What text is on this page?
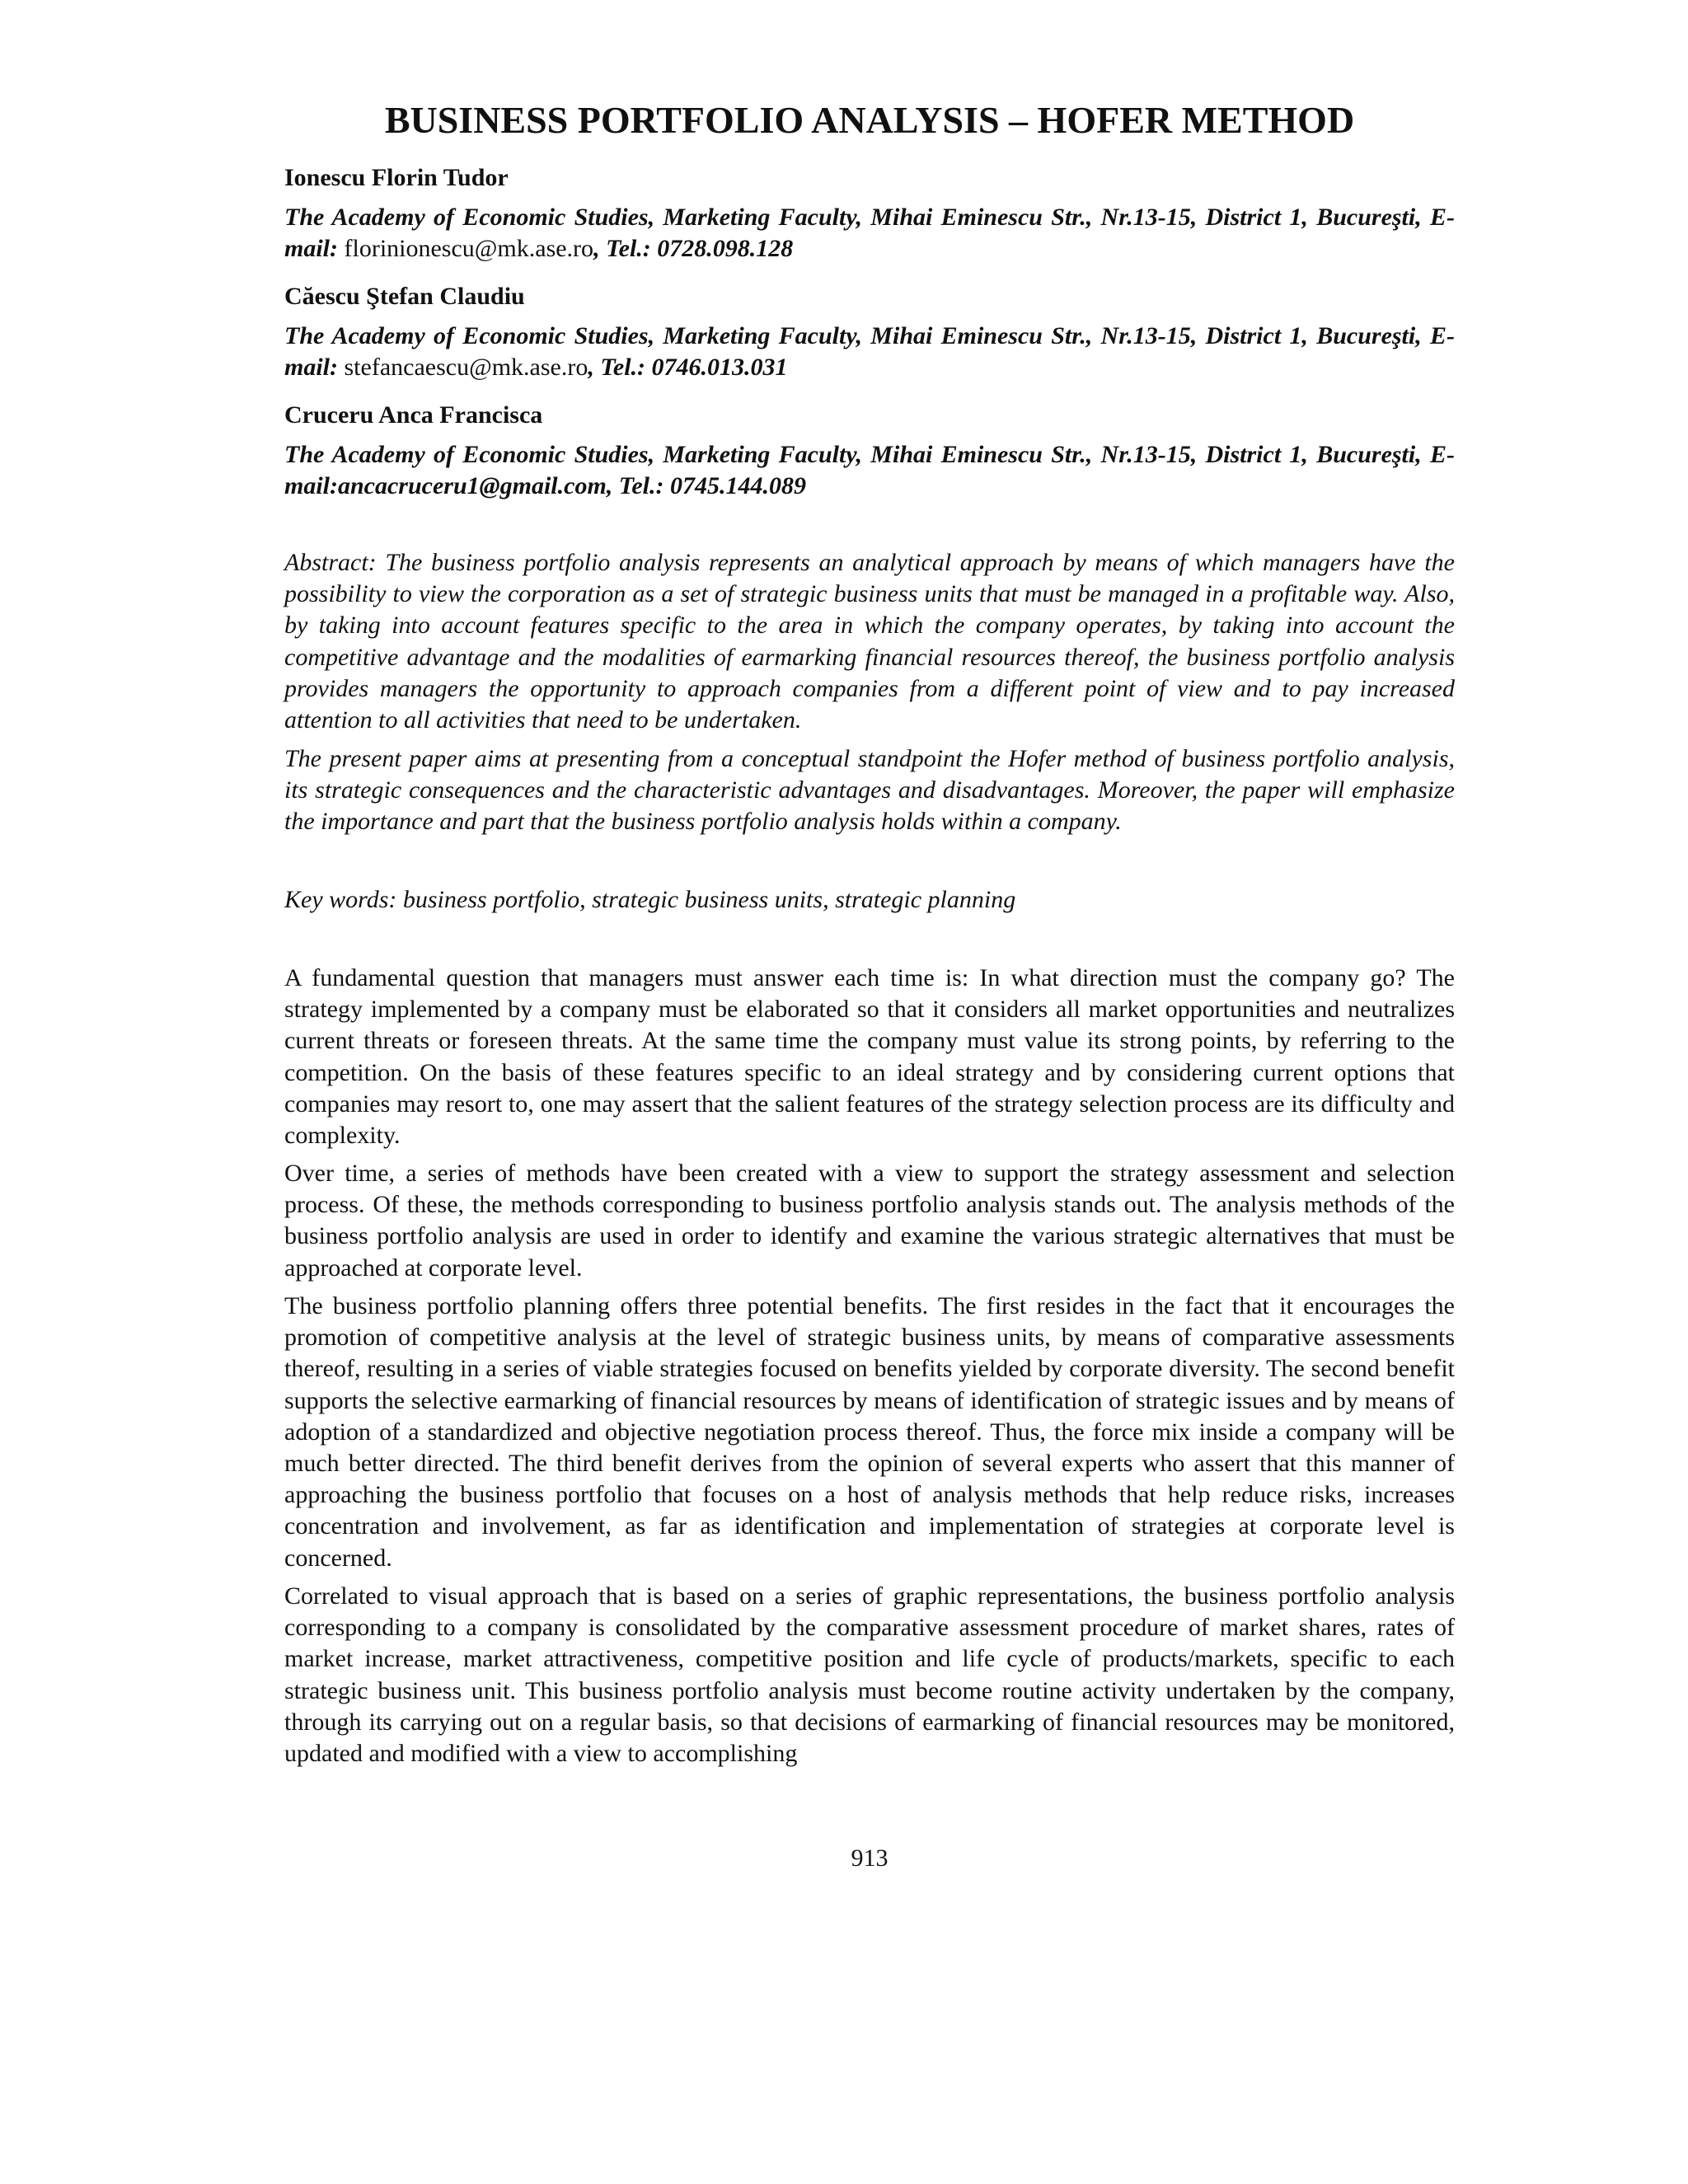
BUSINESS PORTFOLIO ANALYSIS – HOFER METHOD

Ionescu Florin Tudor

The Academy of Economic Studies, Marketing Faculty, Mihai Eminescu Str., Nr.13-15, District 1, Bucureşti, E-mail: florinionescu@mk.ase.ro, Tel.: 0728.098.128

Căescu Ştefan Claudiu

The Academy of Economic Studies, Marketing Faculty, Mihai Eminescu Str., Nr.13-15, District 1, Bucureşti, E-mail: stefancaescu@mk.ase.ro, Tel.: 0746.013.031

Cruceru Anca Francisca

The Academy of Economic Studies, Marketing Faculty, Mihai Eminescu Str., Nr.13-15, District 1, Bucureşti, E-mail:ancacruceru1@gmail.com, Tel.: 0745.144.089

Abstract: The business portfolio analysis represents an analytical approach by means of which managers have the possibility to view the corporation as a set of strategic business units that must be managed in a profitable way. Also, by taking into account features specific to the area in which the company operates, by taking into account the competitive advantage and the modalities of earmarking financial resources thereof, the business portfolio analysis provides managers the opportunity to approach companies from a different point of view and to pay increased attention to all activities that need to be undertaken.

The present paper aims at presenting from a conceptual standpoint the Hofer method of business portfolio analysis, its strategic consequences and the characteristic advantages and disadvantages. Moreover, the paper will emphasize the importance and part that the business portfolio analysis holds within a company.

Key words: business portfolio, strategic business units, strategic planning

A fundamental question that managers must answer each time is: In what direction must the company go? The strategy implemented by a company must be elaborated so that it considers all market opportunities and neutralizes current threats or foreseen threats. At the same time the company must value its strong points, by referring to the competition. On the basis of these features specific to an ideal strategy and by considering current options that companies may resort to, one may assert that the salient features of the strategy selection process are its difficulty and complexity.

Over time, a series of methods have been created with a view to support the strategy assessment and selection process. Of these, the methods corresponding to business portfolio analysis stands out. The analysis methods of the business portfolio analysis are used in order to identify and examine the various strategic alternatives that must be approached at corporate level.

The business portfolio planning offers three potential benefits. The first resides in the fact that it encourages the promotion of competitive analysis at the level of strategic business units, by means of comparative assessments thereof, resulting in a series of viable strategies focused on benefits yielded by corporate diversity. The second benefit supports the selective earmarking of financial resources by means of identification of strategic issues and by means of adoption of a standardized and objective negotiation process thereof. Thus, the force mix inside a company will be much better directed. The third benefit derives from the opinion of several experts who assert that this manner of approaching the business portfolio that focuses on a host of analysis methods that help reduce risks, increases concentration and involvement, as far as identification and implementation of strategies at corporate level is concerned.

Correlated to visual approach that is based on a series of graphic representations, the business portfolio analysis corresponding to a company is consolidated by the comparative assessment procedure of market shares, rates of market increase, market attractiveness, competitive position and life cycle of products/markets, specific to each strategic business unit. This business portfolio analysis must become routine activity undertaken by the company, through its carrying out on a regular basis, so that decisions of earmarking of financial resources may be monitored, updated and modified with a view to accomplishing

913
